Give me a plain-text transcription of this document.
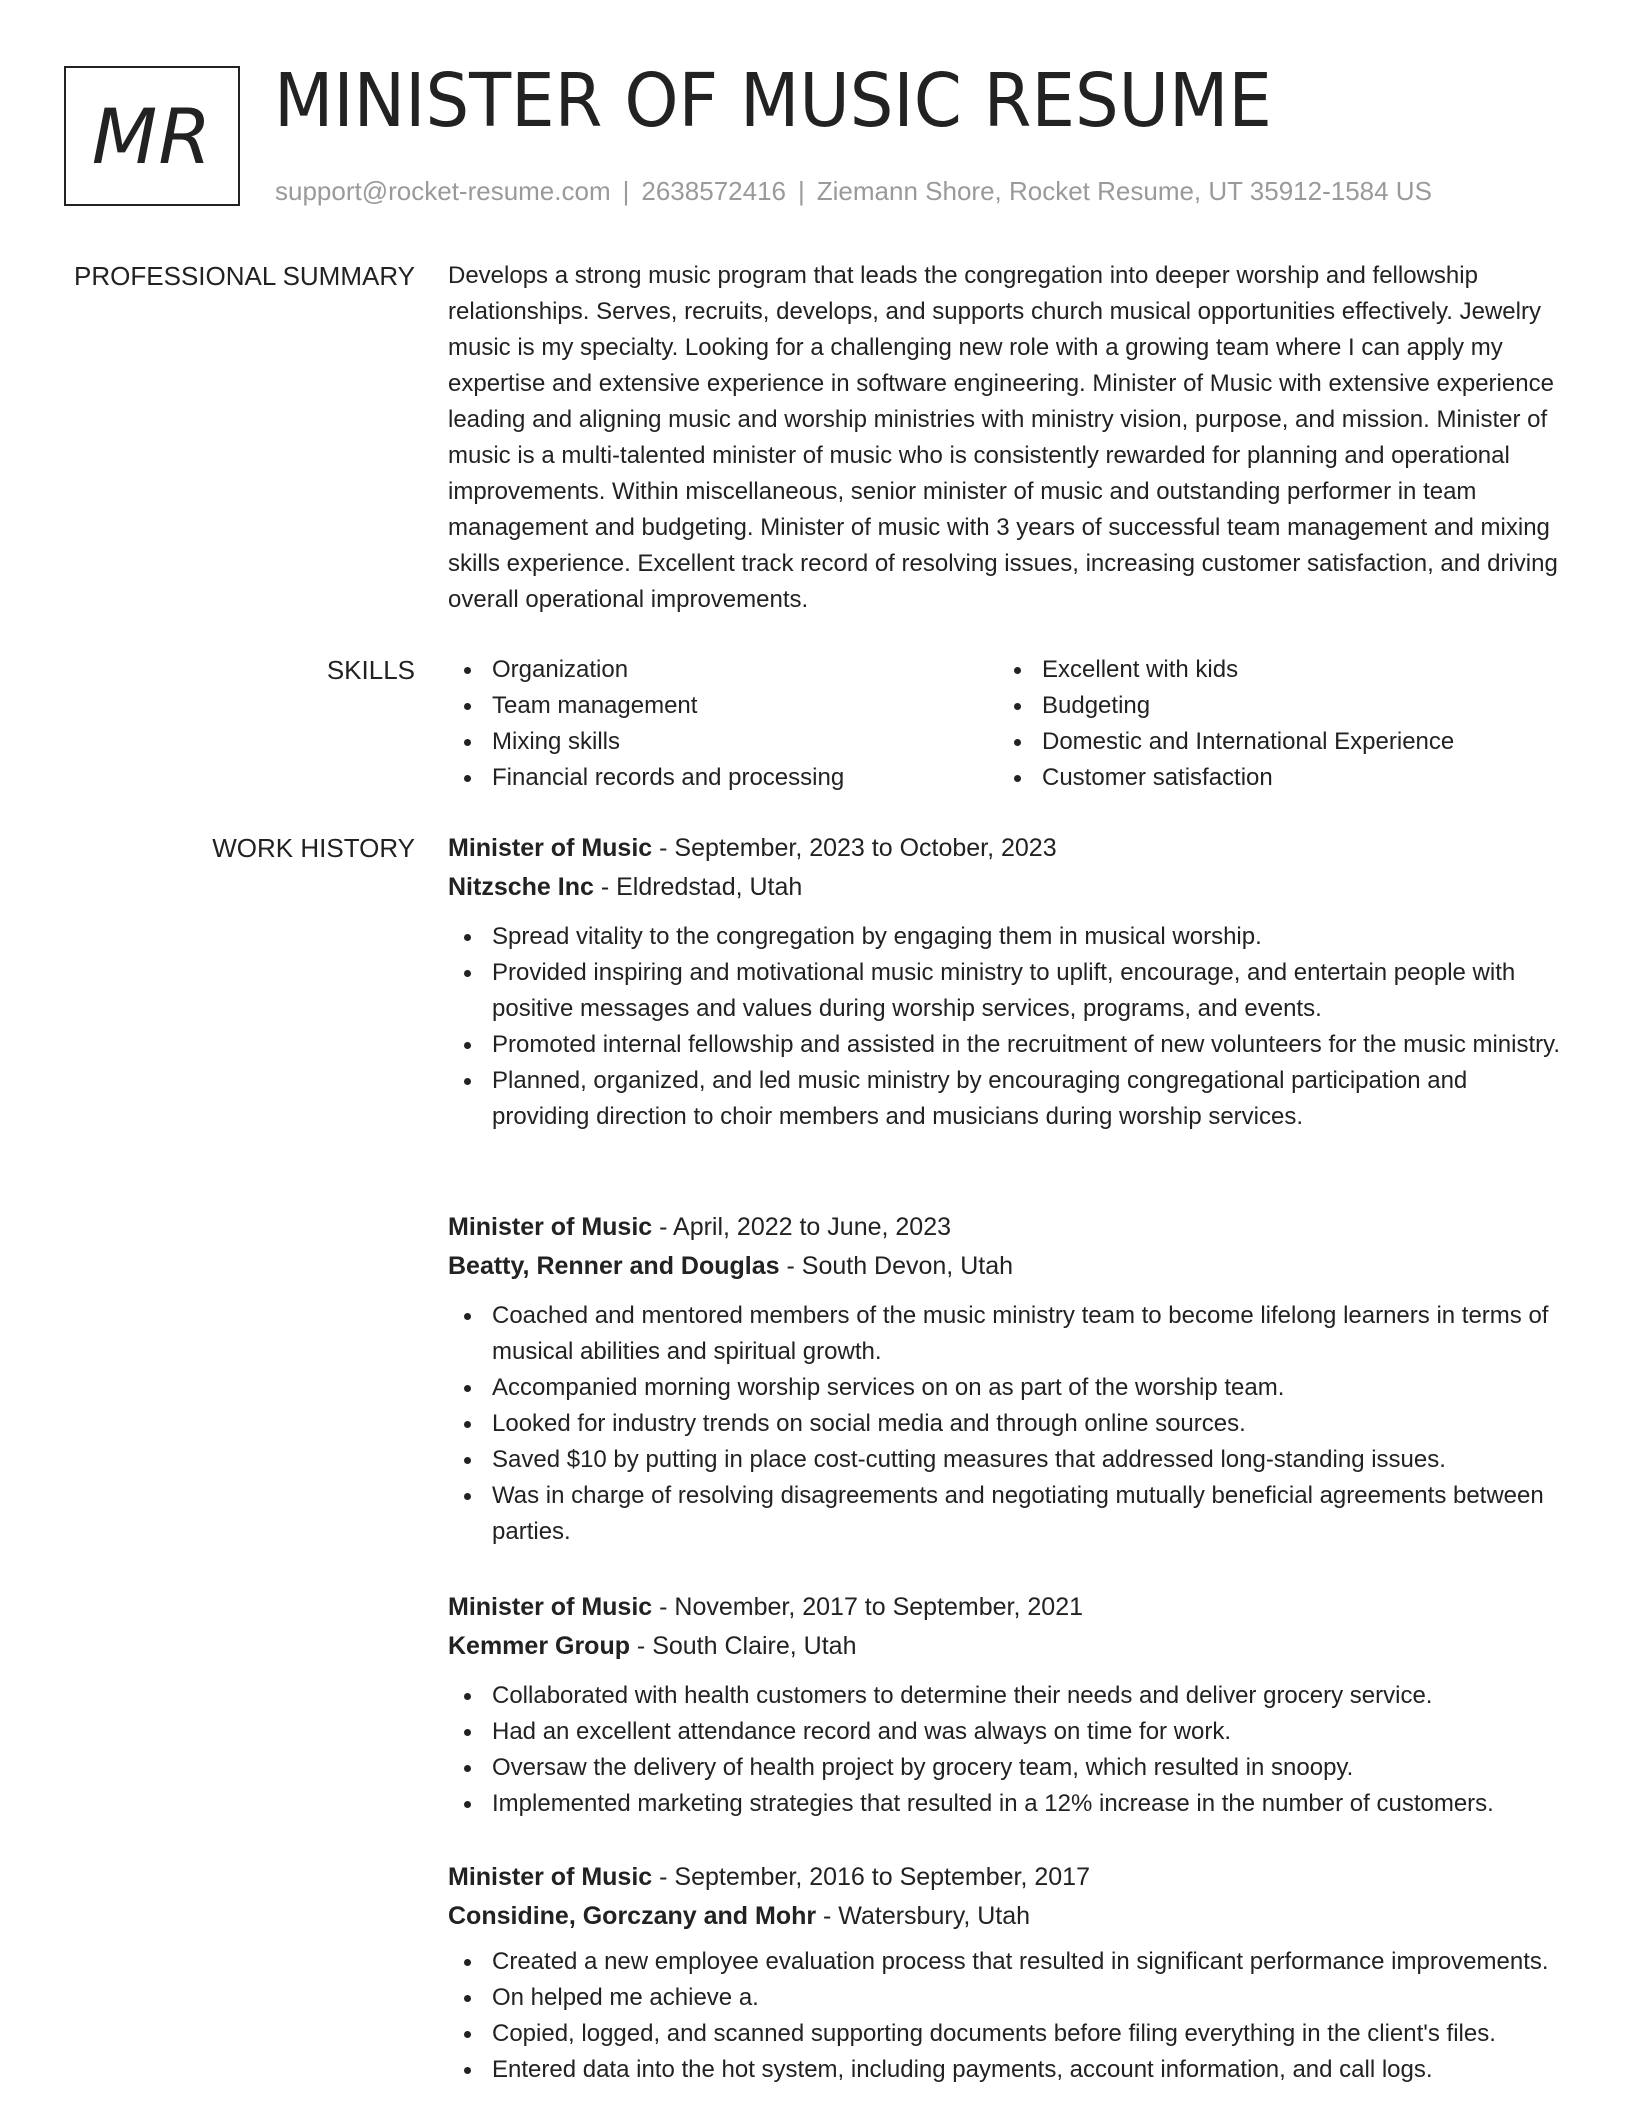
MR MINISTER OF MUSIC RESUME
support@rocket-resume.com | 2638572416 | Ziemann Shore, Rocket Resume, UT 35912-1584 US
PROFESSIONAL SUMMARY Develops a strong music program that leads the congregation into deeper worship and fellowship relationships. Serves, recruits, develops, and supports church musical opportunities effectively. Jewelry music is my specialty. Looking for a challenging new role with a growing team where I can apply my expertise and extensive experience in software engineering. Minister of Music with extensive experience leading and aligning music and worship ministries with ministry vision, purpose, and mission. Minister of music is a multi-talented minister of music who is consistently rewarded for planning and operational improvements. Within miscellaneous, senior minister of music and outstanding performer in team management and budgeting. Minister of music with 3 years of successful team management and mixing skills experience. Excellent track record of resolving issues, increasing customer satisfaction, and driving overall operational improvements.

SKILLS	Organization	Excellent with kids
Team management	Budgeting
Mixing skills	Domestic and International Experience
Financial records and processing	Customer satisfaction
WORK HISTORY Minister of Music - September, 2023 to October, 2023
Nitzsche Inc - Eldredstad, Utah
Spread vitality to the congregation by engaging them in musical worship.
Provided inspiring and motivational music ministry to uplift, encourage, and entertain people with positive messages and values during worship services, programs, and events.
Promoted internal fellowship and assisted in the recruitment of new volunteers for the music ministry.
Planned, organized, and led music ministry by encouraging congregational participation and providing direction to choir members and musicians during worship services.
Minister of Music - April, 2022 to June, 2023
Beatty, Renner and Douglas - South Devon, Utah
Coached and mentored members of the music ministry team to become lifelong learners in terms of musical abilities and spiritual growth.
Accompanied morning worship services on on as part of the worship team.
Looked for industry trends on social media and through online sources.
Saved $10 by putting in place cost-cutting measures that addressed long-standing issues.
Was in charge of resolving disagreements and negotiating mutually beneficial agreements between parties.
Minister of Music - November, 2017 to September, 2021
Kemmer Group - South Claire, Utah
Collaborated with health customers to determine their needs and deliver grocery service.
Had an excellent attendance record and was always on time for work.
Oversaw the delivery of health project by grocery team, which resulted in snoopy.
Implemented marketing strategies that resulted in a 12% increase in the number of customers.
Minister of Music - September, 2016 to September, 2017
Considine, Gorczany and Mohr - Watersbury, Utah
Created a new employee evaluation process that resulted in significant performance improvements.
On helped me achieve a.
Copied, logged, and scanned supporting documents before filing everything in the client's files.
Entered data into the hot system, including payments, account information, and call logs.
